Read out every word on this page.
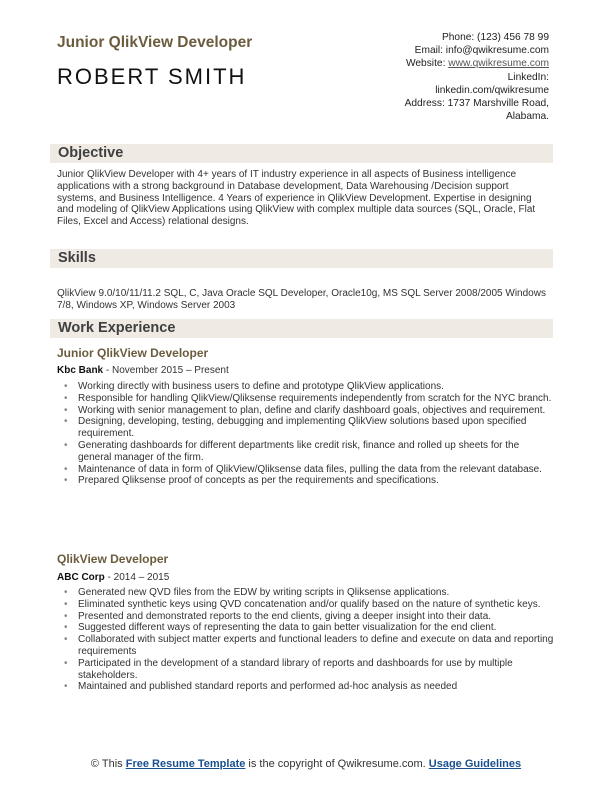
Junior QlikView Developer
ROBERT SMITH
Phone: (123) 456 78 99
Email: info@qwikresume.com
Website: www.qwikresume.com
LinkedIn:
linkedin.com/qwikresume
Address: 1737 Marshville Road,
Alabama.
Objective

Junior QlikView Developer with 4+ years of IT industry experience in all aspects of Business intelligence applications with a strong background in Database development, Data Warehousing /Decision support systems, and Business Intelligence. 4 Years of experience in QlikView Development. Expertise in designing and modeling of QlikView Applications using QlikView with complex multiple data sources (SQL, Oracle, Flat Files, Excel and Access) relational designs.

Skills

QlikView 9.0/10/11/11.2 SQL, C, Java Oracle SQL Developer, Oracle10g, MS SQL Server 2008/2005 Windows 7/8, Windows XP, Windows Server 2003

Work Experience
Junior QlikView Developer

Kbc Bank - November 2015 – Present

• Working directly with business users to define and prototype QlikView applications.
• Responsible for handling QlikView/Qliksense requirements independently from scratch for the NYC branch.
• Working with senior management to plan, define and clarify dashboard goals, objectives and requirement.
• Designing, developing, testing, debugging and implementing QlikView solutions based upon specified requirement.
• Generating dashboards for different departments like credit risk, finance and rolled up sheets for the general manager of the firm.
• Maintenance of data in form of QlikView/Qliksense data files, pulling the data from the relevant database.
• Prepared Qliksense proof of concepts as per the requirements and specifications.
QlikView Developer

ABC Corp - 2014 – 2015

• Generated new QVD files from the EDW by writing scripts in Qliksense applications.
• Eliminated synthetic keys using QVD concatenation and/or qualify based on the nature of synthetic keys.
• Presented and demonstrated reports to the end clients, giving a deeper insight into their data.
• Suggested different ways of representing the data to gain better visualization for the end client.
• Collaborated with subject matter experts and functional leaders to define and execute on data and reporting requirements
• Participated in the development of a standard library of reports and dashboards for use by multiple stakeholders.
• Maintained and published standard reports and performed ad-hoc analysis as needed
© This Free Resume Template is the copyright of Qwikresume.com. Usage Guidelines
